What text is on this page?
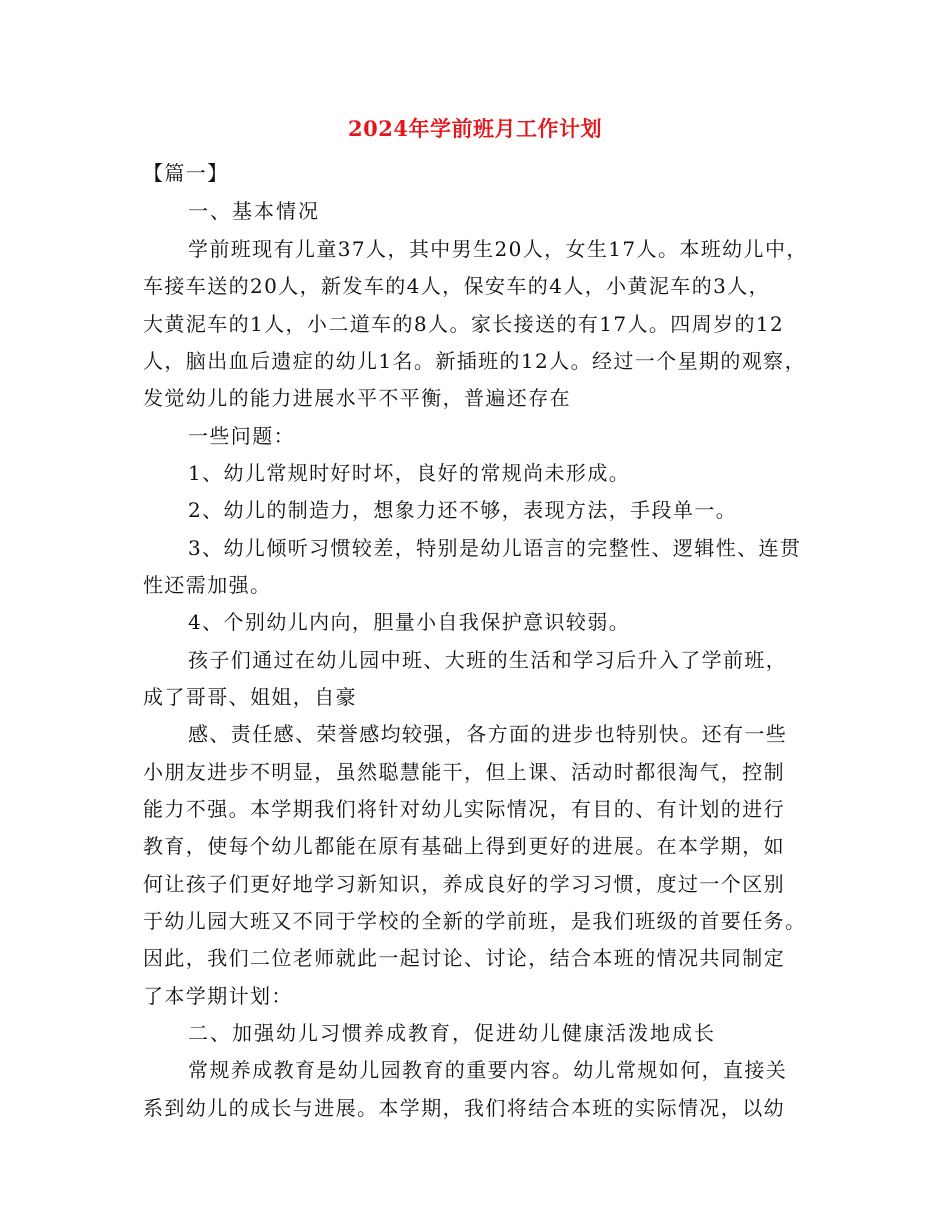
2024年学前班月工作计划
【篇一】
一、基本情况
学前班现有儿童37人，其中男生20人，女生17人。本班幼儿中，
车接车送的20人，新发车的4人，保安车的4人，小黄泥车的3人，
大黄泥车的1人，小二道车的8人。家长接送的有17人。四周岁的12
人，脑出血后遗症的幼儿1名。新插班的12人。经过一个星期的观察，
发觉幼儿的能力进展水平不平衡，普遍还存在
一些问题：
1、幼儿常规时好时坏，良好的常规尚未形成。
2、幼儿的制造力，想象力还不够，表现方法，手段单一。
3、幼儿倾听习惯较差，特别是幼儿语言的完整性、逻辑性、连贯
性还需加强。
4、个别幼儿内向，胆量小自我保护意识较弱。
孩子们通过在幼儿园中班、大班的生活和学习后升入了学前班，
成了哥哥、姐姐，自豪
感、责任感、荣誉感均较强，各方面的进步也特别快。还有一些
小朋友进步不明显，虽然聪慧能干，但上课、活动时都很淘气，控制
能力不强。本学期我们将针对幼儿实际情况，有目的、有计划的进行
教育，使每个幼儿都能在原有基础上得到更好的进展。在本学期，如
何让孩子们更好地学习新知识，养成良好的学习习惯，度过一个区别
于幼儿园大班又不同于学校的全新的学前班，是我们班级的首要任务。
因此，我们二位老师就此一起讨论、讨论，结合本班的情况共同制定
了本学期计划：
二、加强幼儿习惯养成教育，促进幼儿健康活泼地成长
常规养成教育是幼儿园教育的重要内容。幼儿常规如何，直接关
系到幼儿的成长与进展。本学期，我们将结合本班的实际情况，以幼
